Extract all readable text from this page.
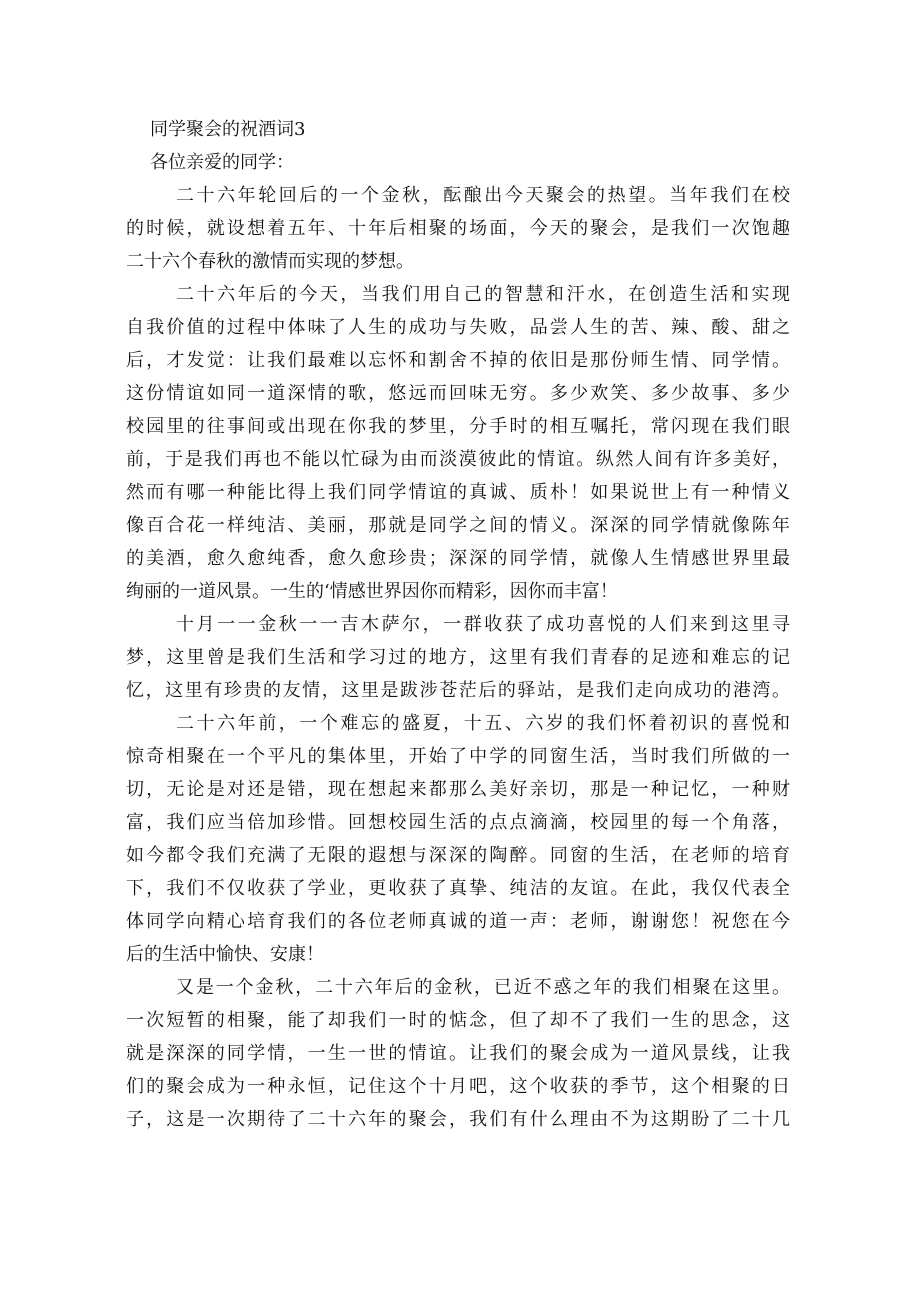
同学聚会的祝酒词3
各位亲爱的同学：
二十六年轮回后的一个金秋，酝酿出今天聚会的热望。当年我们在校
的时候，就设想着五年、十年后相聚的场面，今天的聚会，是我们一次饱趣
二十六个春秋的激情而实现的梦想。
二十六年后的今天，当我们用自己的智慧和汗水，在创造生活和实现
自我价值的过程中体味了人生的成功与失败，品尝人生的苦、辣、酸、甜之
后，才发觉：让我们最难以忘怀和割舍不掉的依旧是那份师生情、同学情。
这份情谊如同一道深情的歌，悠远而回味无穷。多少欢笑、多少故事、多少
校园里的往事间或出现在你我的梦里，分手时的相互嘱托，常闪现在我们眼
前，于是我们再也不能以忙碌为由而淡漠彼此的情谊。纵然人间有许多美好，
然而有哪一种能比得上我们同学情谊的真诚、质朴！如果说世上有一种情义
像百合花一样纯洁、美丽，那就是同学之间的情义。深深的同学情就像陈年
的美酒，愈久愈纯香，愈久愈珍贵；深深的同学情，就像人生情感世界里最
绚丽的一道风景。一生的‘情感世界因你而精彩，因你而丰富！
十月一一金秋一一吉木萨尔，一群收获了成功喜悦的人们来到这里寻
梦，这里曾是我们生活和学习过的地方，这里有我们青春的足迹和难忘的记
忆，这里有珍贵的友情，这里是跋涉苍茫后的驿站，是我们走向成功的港湾。
二十六年前，一个难忘的盛夏，十五、六岁的我们怀着初识的喜悦和
惊奇相聚在一个平凡的集体里，开始了中学的同窗生活，当时我们所做的一
切，无论是对还是错，现在想起来都那么美好亲切，那是一种记忆，一种财
富，我们应当倍加珍惜。回想校园生活的点点滴滴，校园里的每一个角落，
如今都令我们充满了无限的遐想与深深的陶醉。同窗的生活，在老师的培育
下，我们不仅收获了学业，更收获了真挚、纯洁的友谊。在此，我仅代表全
体同学向精心培育我们的各位老师真诚的道一声：老师，谢谢您！祝您在今
后的生活中愉快、安康！
又是一个金秋，二十六年后的金秋，已近不惑之年的我们相聚在这里。
一次短暂的相聚，能了却我们一时的惦念，但了却不了我们一生的思念，这
就是深深的同学情，一生一世的情谊。让我们的聚会成为一道风景线，让我
们的聚会成为一种永恒，记住这个十月吧，这个收获的季节，这个相聚的日
子，这是一次期待了二十六年的聚会，我们有什么理由不为这期盼了二十几
